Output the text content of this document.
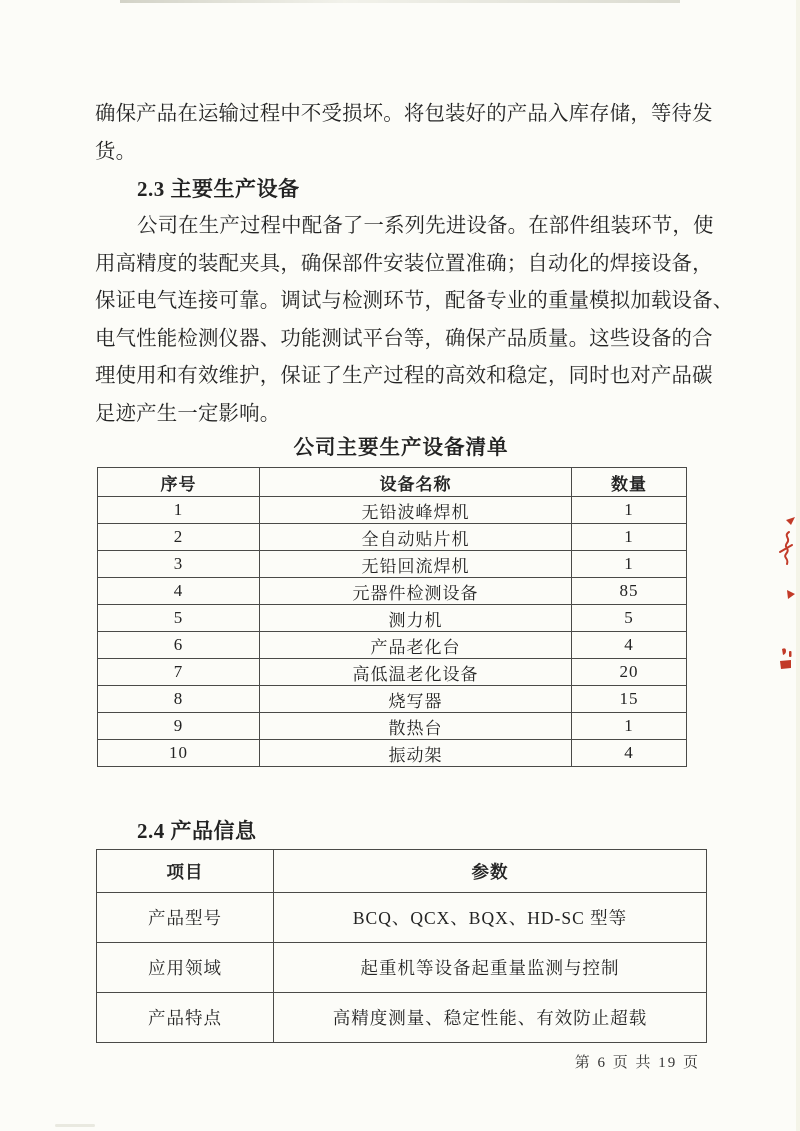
确保产品在运输过程中不受损坏。将包装好的产品入库存储，等待发
货。
2.3 主要生产设备
公司在生产过程中配备了一系列先进设备。在部件组装环节，使
用高精度的装配夹具，确保部件安装位置准确；自动化的焊接设备，
保证电气连接可靠。调试与检测环节，配备专业的重量模拟加载设备、
电气性能检测仪器、功能测试平台等，确保产品质量。这些设备的合
理使用和有效维护，保证了生产过程的高效和稳定，同时也对产品碳
足迹产生一定影响。
公司主要生产设备清单
序号	设备名称	数量
1	无铅波峰焊机	1
2	全自动贴片机	1
3	无铅回流焊机	1
4	元器件检测设备	85
5	测力机	5
6	产品老化台	4
7	高低温老化设备	20
8	烧写器	15
9	散热台	1
10	振动架	4
2.4 产品信息
项目	参数
产品型号	BCQ、QCX、BQX、HD-SC 型等
应用领域	起重机等设备起重量监测与控制
产品特点	高精度测量、稳定性能、有效防止超载
第 6 页 共 19 页
